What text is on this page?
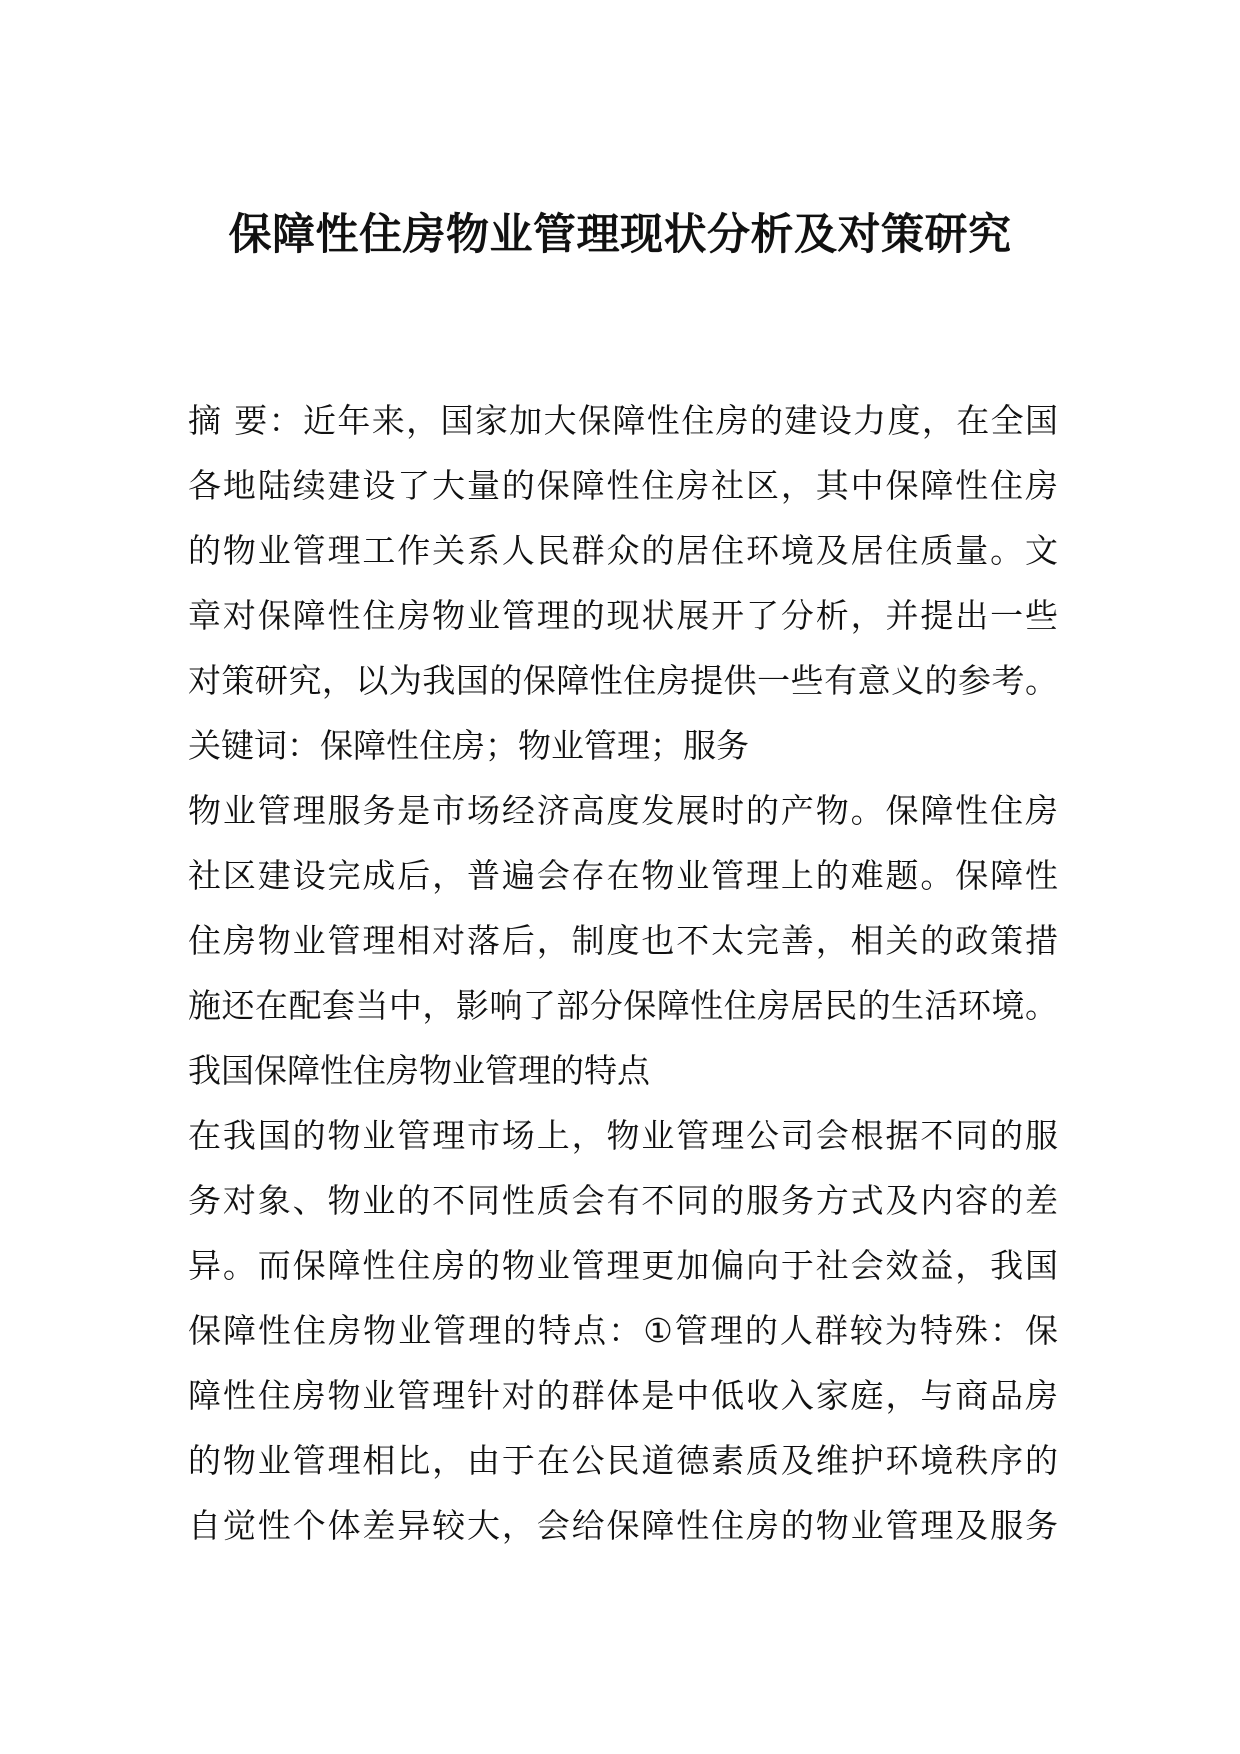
保障性住房物业管理现状分析及对策研究
摘 要：近年来，国家加大保障性住房的建设力度，在全国
各地陆续建设了大量的保障性住房社区，其中保障性住房
的物业管理工作关系人民群众的居住环境及居住质量。文
章对保障性住房物业管理的现状展开了分析，并提出一些
对策研究，以为我国的保障性住房提供一些有意义的参考。
关键词：保障性住房；物业管理；服务
物业管理服务是市场经济高度发展时的产物。保障性住房
社区建设完成后，普遍会存在物业管理上的难题。保障性
住房物业管理相对落后，制度也不太完善，相关的政策措
施还在配套当中，影响了部分保障性住房居民的生活环境。
我国保障性住房物业管理的特点
在我国的物业管理市场上，物业管理公司会根据不同的服
务对象、物业的不同性质会有不同的服务方式及内容的差
异。而保障性住房的物业管理更加偏向于社会效益，我国
保障性住房物业管理的特点：①管理的人群较为特殊：保
障性住房物业管理针对的群体是中低收入家庭，与商品房
的物业管理相比，由于在公民道德素质及维护环境秩序的
自觉性个体差异较大，会给保障性住房的物业管理及服务
